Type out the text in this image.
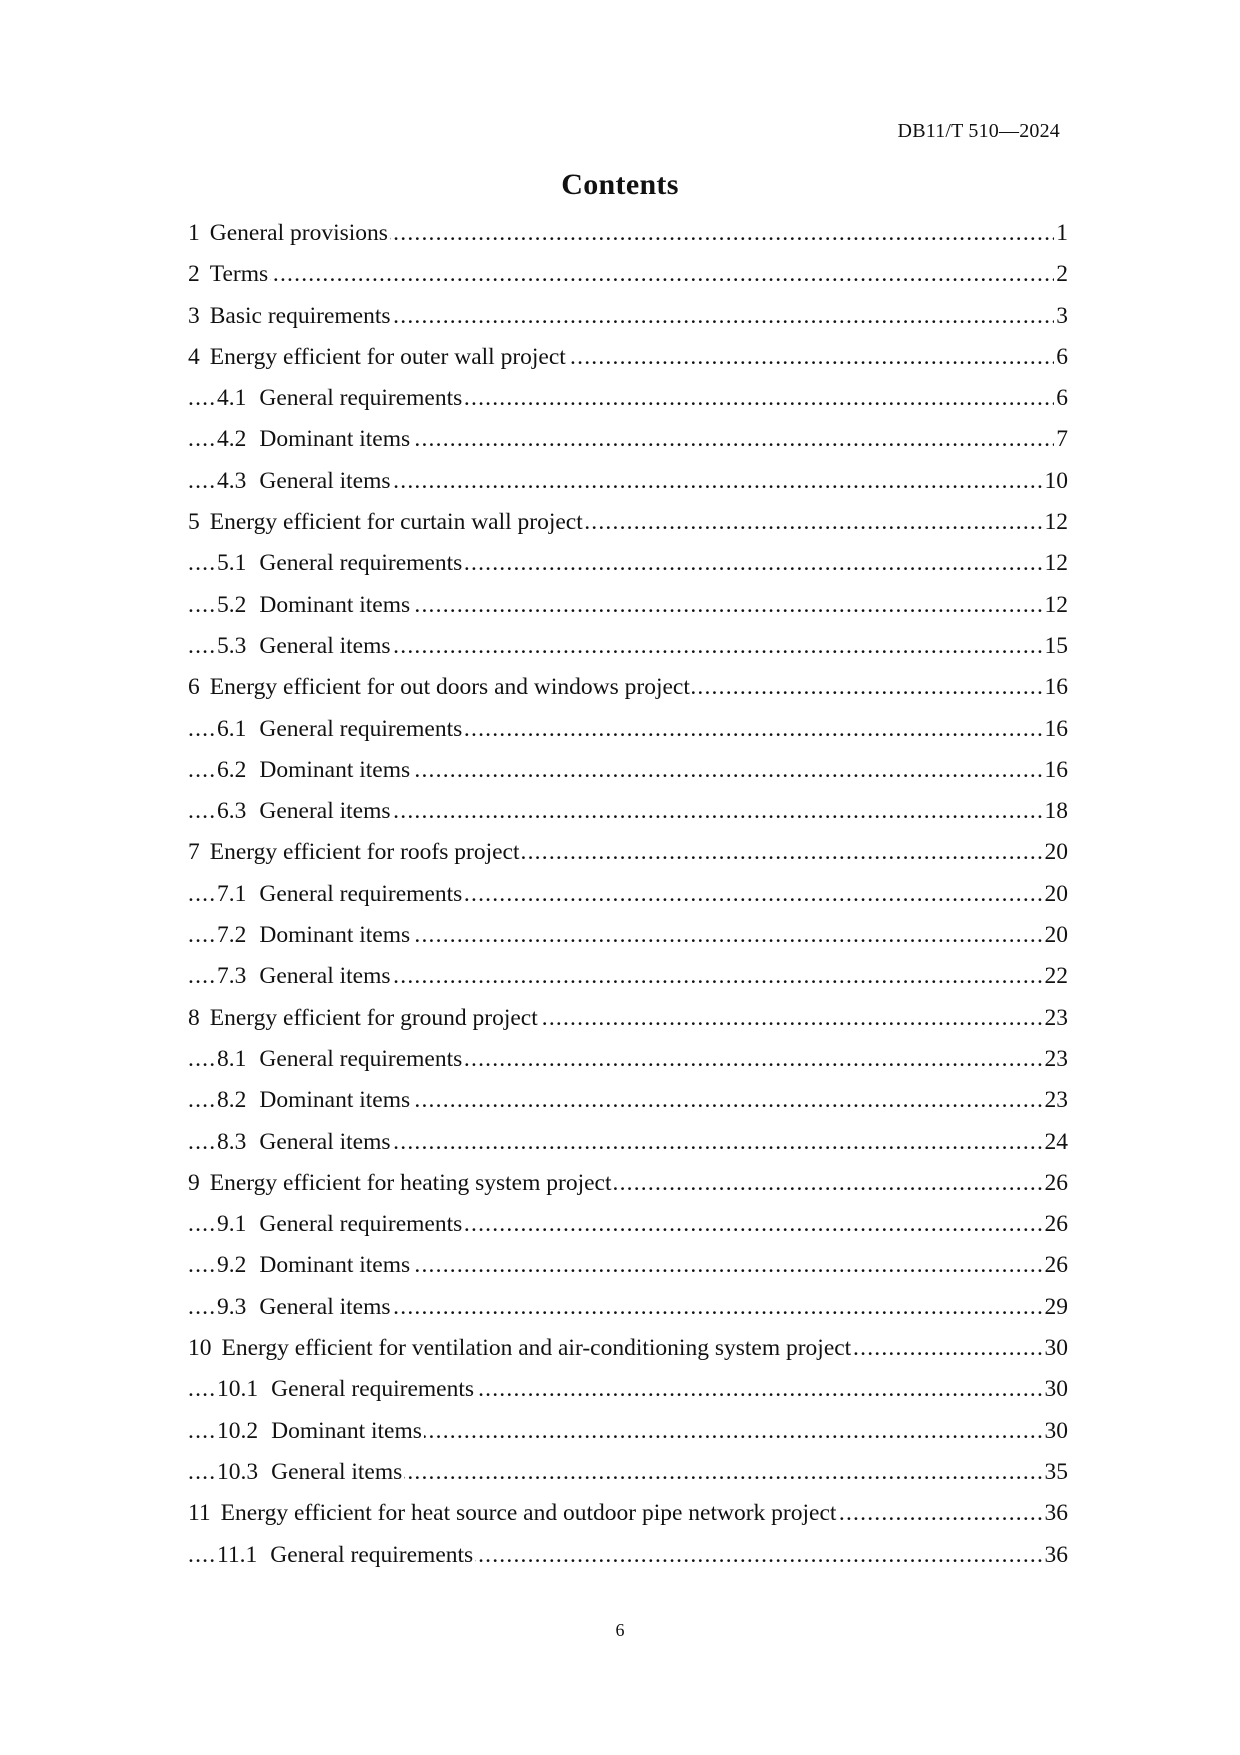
DB11/T 510—2024
Contents
.....
1 General provisions	1
.....
2 Terms	2
.....
3 Basic requirements	3
.....
4 Energy efficient for outer wall project	6
.....
4.1 General requirements	6
.....
4.2 Dominant items	7
.....
4.3 General items	10
.....
5 Energy efficient for curtain wall project	12
.....
5.1 General requirements	12
.....
5.2 Dominant items	12
.....
5.3 General items	15
.....
6 Energy efficient for out doors and windows project	16
.....
6.1 General requirements	16
.....
6.2 Dominant items	16
.....
6.3 General items	18
.....
7 Energy efficient for roofs project	20
.....
7.1 General requirements	20
.....
7.2 Dominant items	20
.....
7.3 General items	22
.....
8 Energy efficient for ground project	23
.....
8.1 General requirements	23
.....
8.2 Dominant items	23
.....
8.3 General items	24
.....
9 Energy efficient for heating system project	26
.....
9.1 General requirements	26
.....
9.2 Dominant items	26
.....
9.3 General items	29
.....
10 Energy efficient for ventilation and air-conditioning system project	30
.....
10.1 General requirements	30
.....
10.2 Dominant items	30
.....
10.3 General items	35
.....
11 Energy efficient for heat source and outdoor pipe network project	36
.....
11.1 General requirements	36
6
